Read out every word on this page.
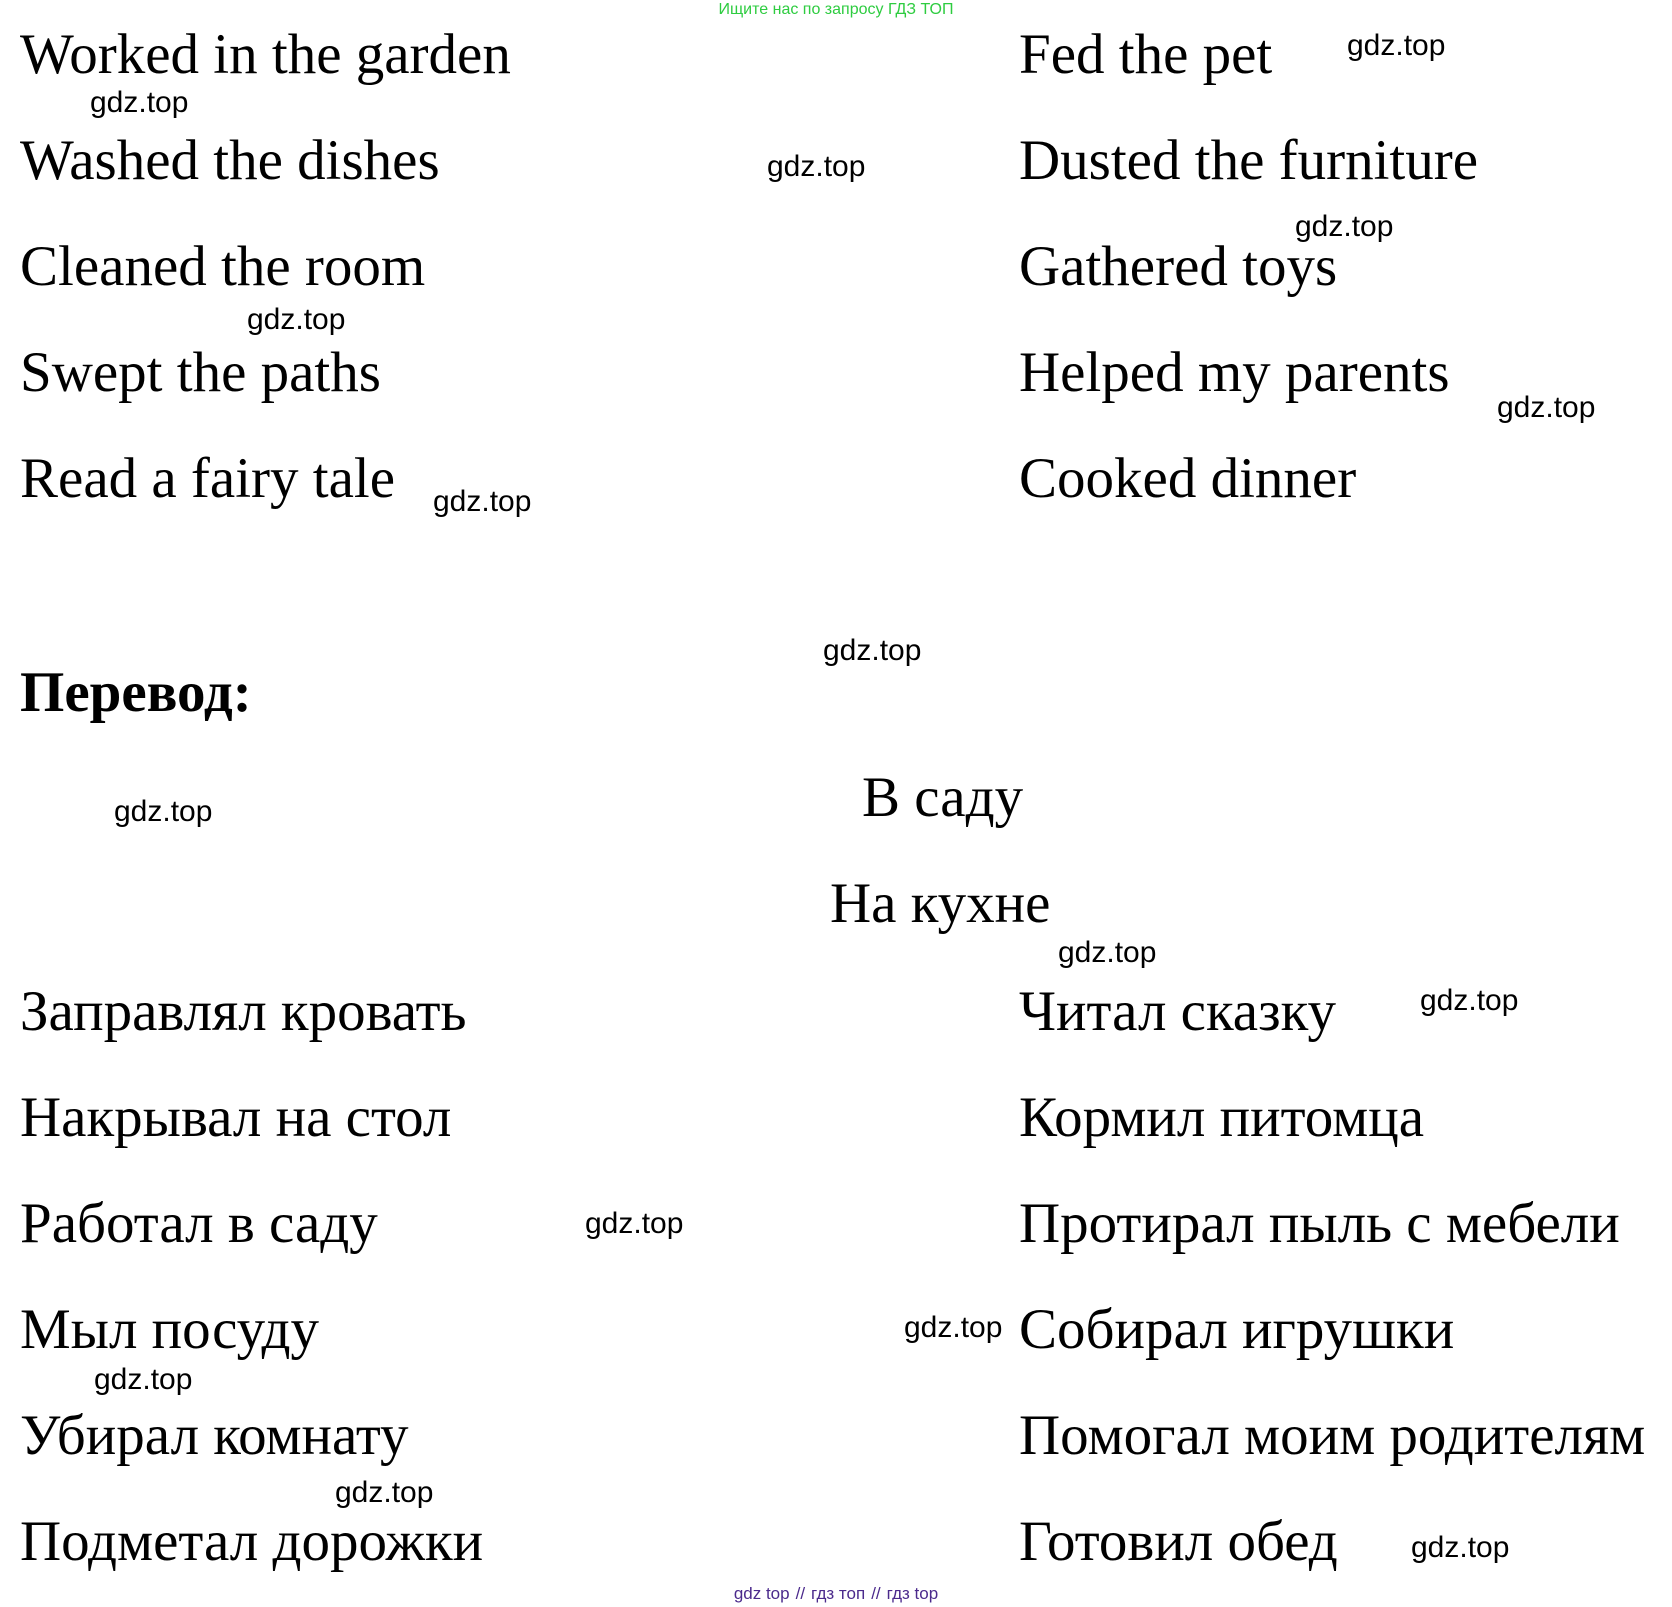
Ищите нас по запросу ГДЗ ТОП
Worked in the garden
Washed the dishes
Cleaned the room
Swept the paths
Read a fairy tale
Fed the pet
Dusted the furniture
Gathered toys
Helped my parents
Cooked dinner
Перевод:
В саду
На кухне
Заправлял кровать
Накрывал на стол
Работал в саду
Мыл посуду
Убирал комнату
Подметал дорожки
Читал сказку
Кормил питомца
Протирал пыль с мебели
Собирал игрушки
Помогал моим родителям
Готовил обед
gdz.top
gdz.top
gdz.top
gdz.top
gdz.top
gdz.top
gdz.top
gdz.top
gdz.top
gdz.top
gdz.top
gdz.top
gdz.top
gdz.top
gdz.top
gdz.top
gdz top // гдз топ // гдз top
